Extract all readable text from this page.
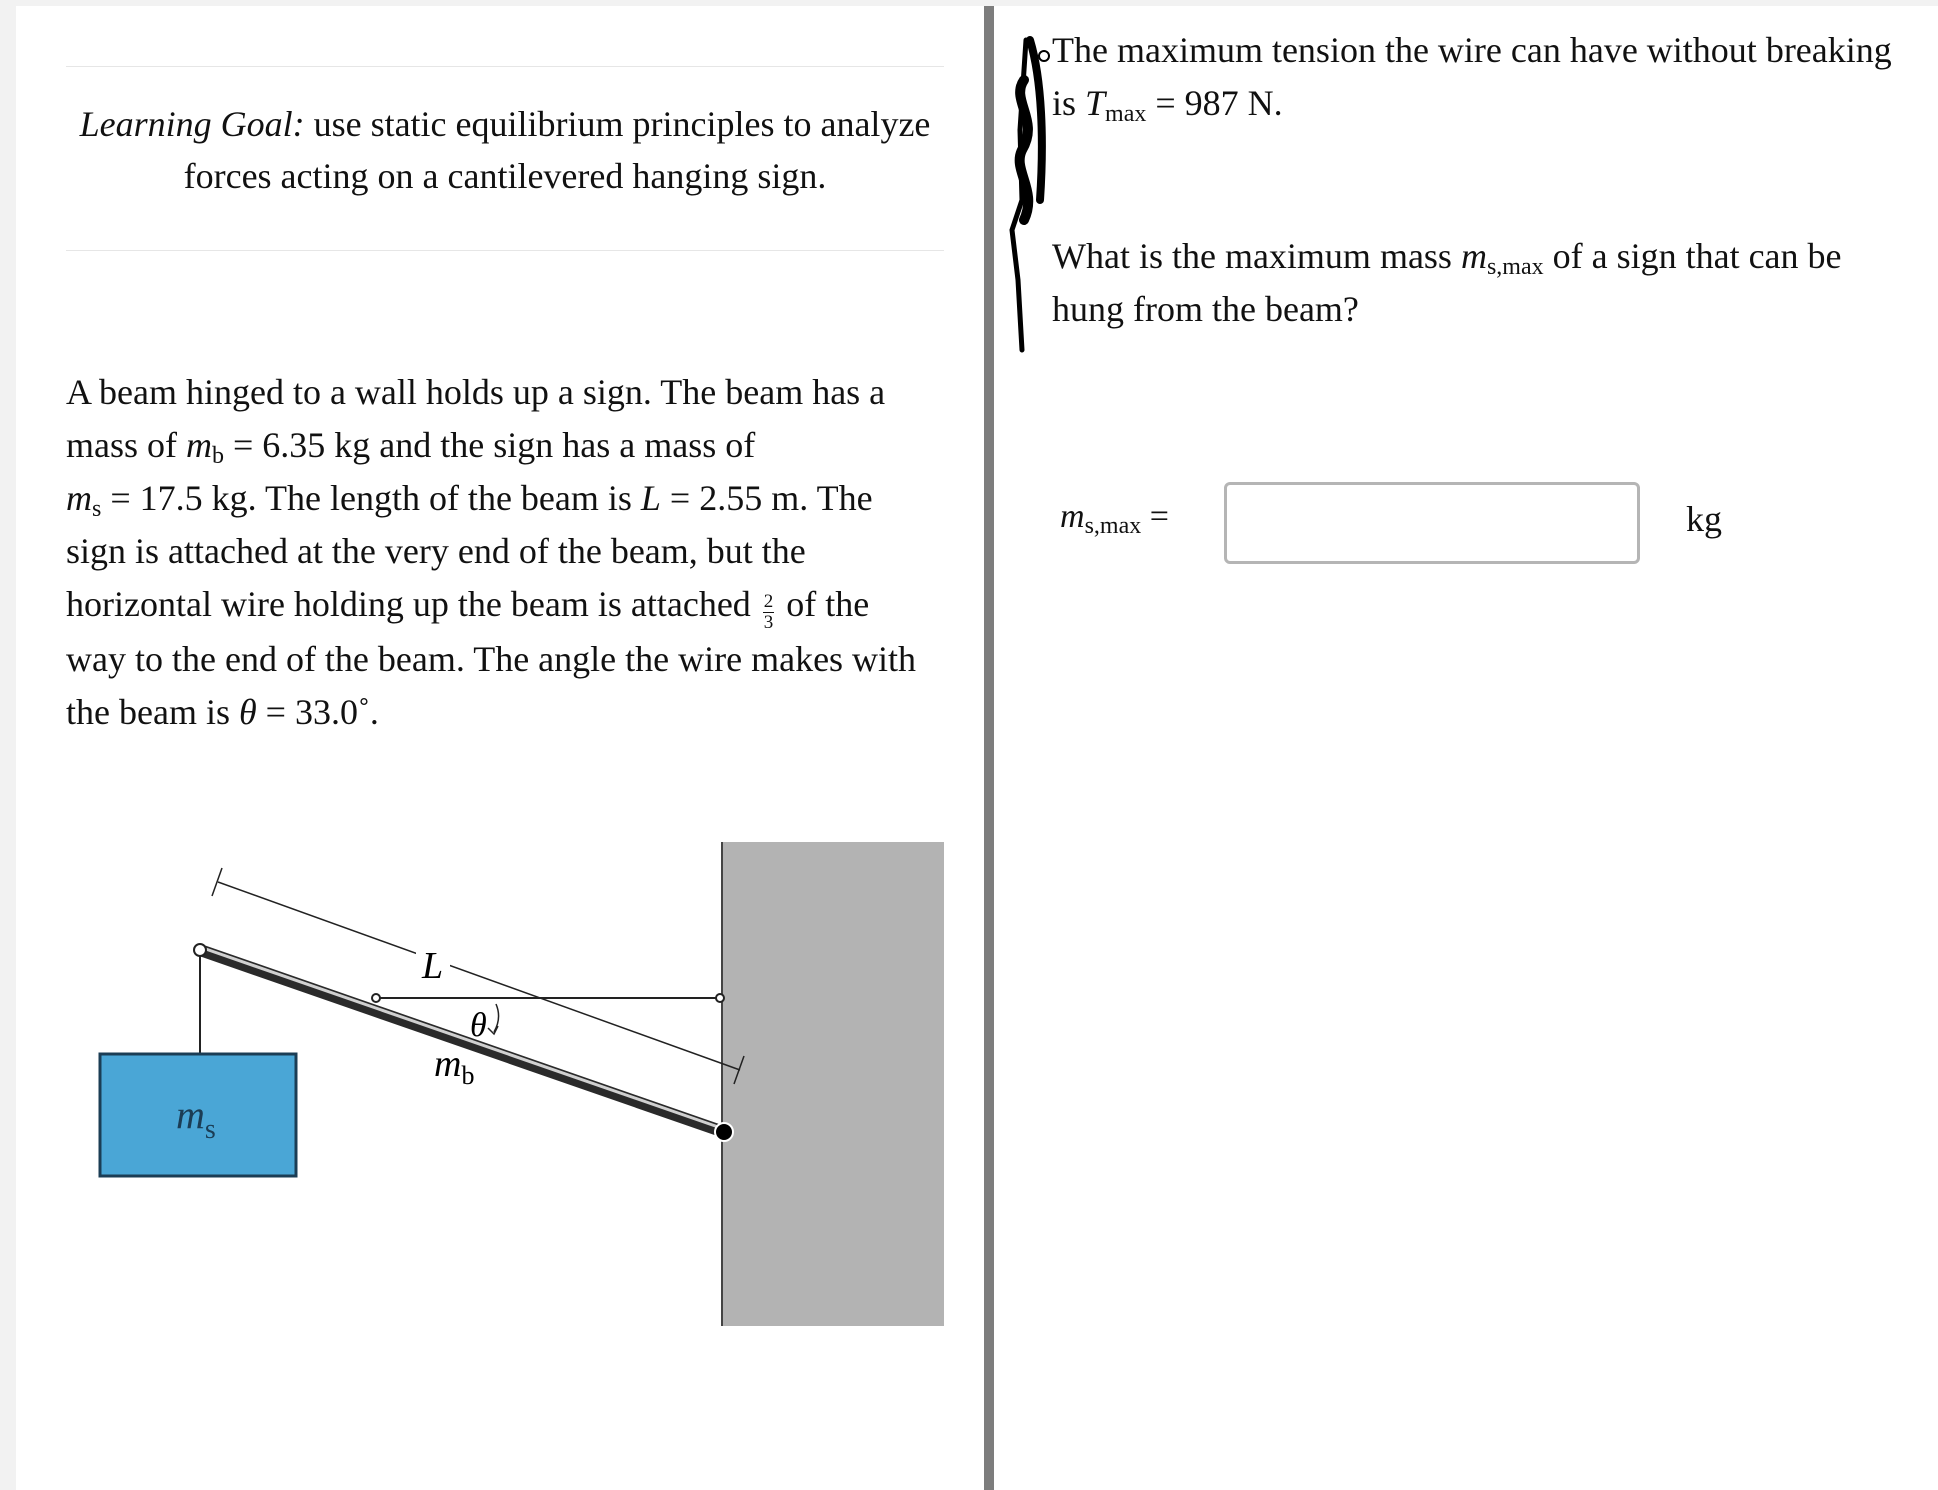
Learning Goal: use static equilibrium principles to analyze
forces acting on a cantilevered hanging sign.
A beam hinged to a wall holds up a sign. The beam has a
mass of $m_b = 6.35$ kg and the sign has a mass of
$m_s = 17.5$ kg. The length of the beam is L = 2.55 m. The
sign is attached at the very end of the beam, but the
horizontal wire holding up the beam is attached $\frac{2}{3}$ of the
way to the end of the beam. The angle the wire makes with
the beam is θ = 33.0˚.
L
θ
$m_b$
$m_s$
The maximum tension the wire can have without breaking
is $T_{max} = 987$ N.
What is the maximum mass $m_{s,max}$ of a sign that can be
hung from the beam?
$m_{s,max}$ =	kg
